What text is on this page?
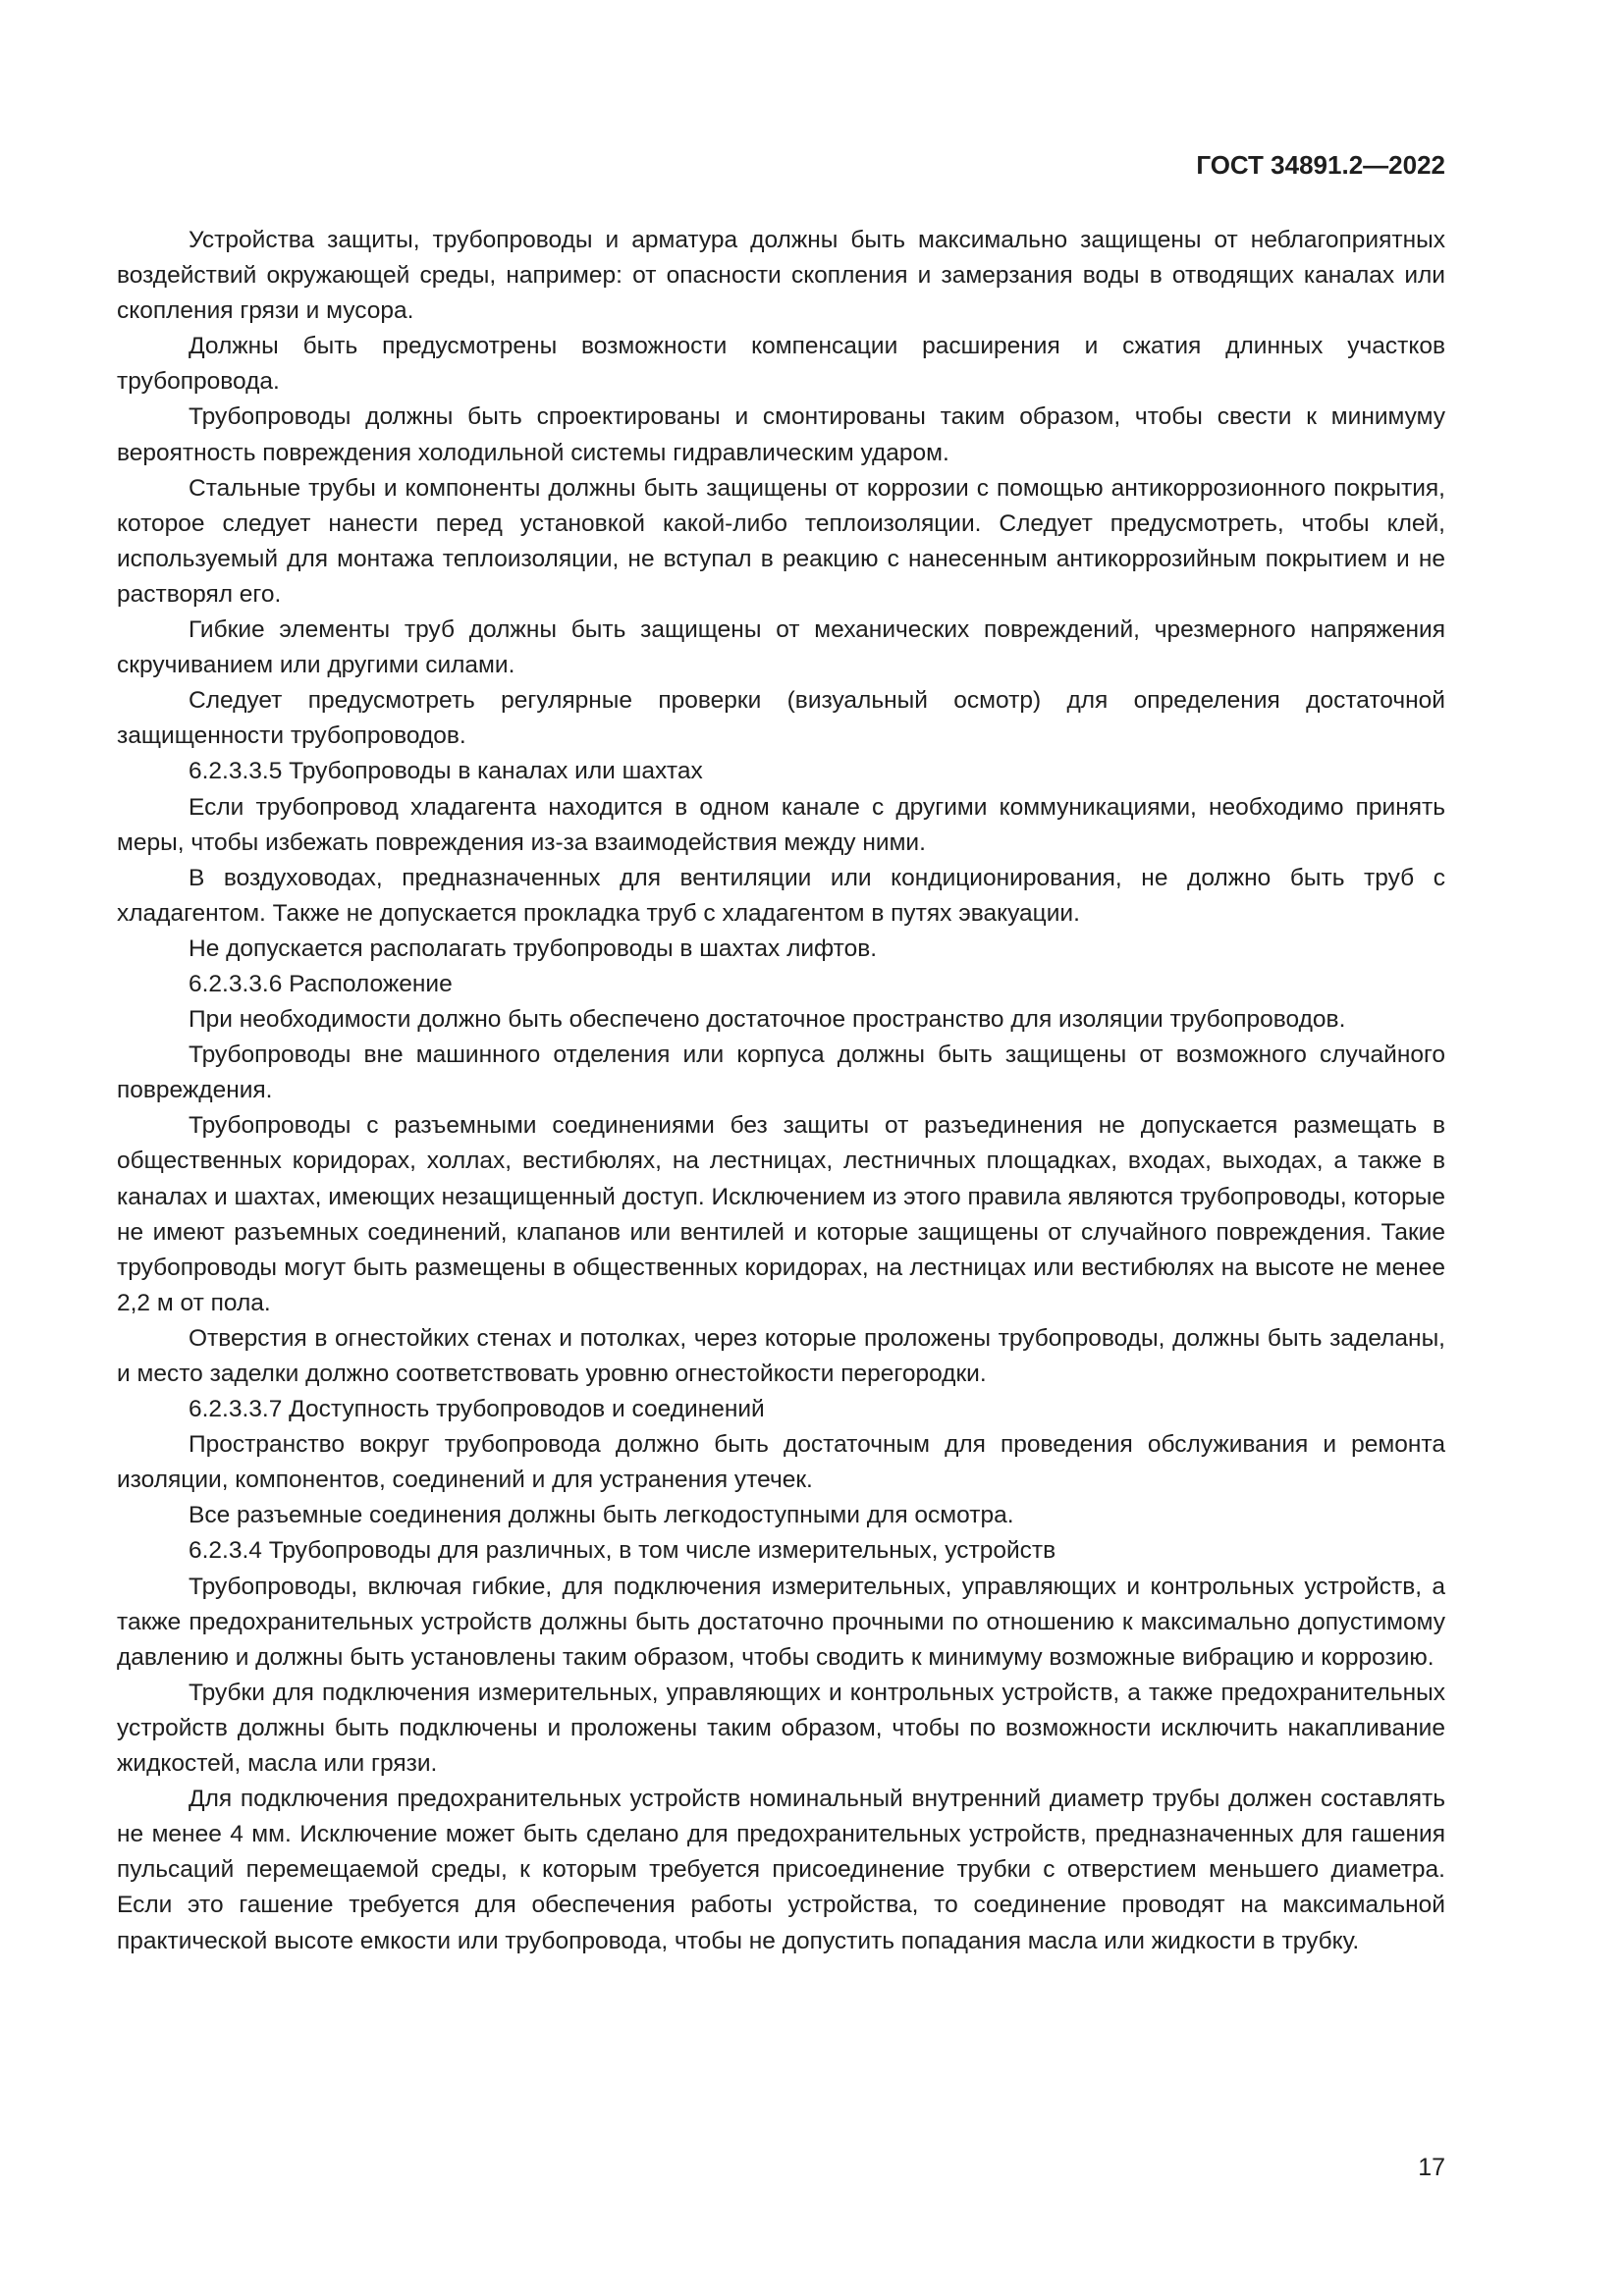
ГОСТ 34891.2—2022

Устройства защиты, трубопроводы и арматура должны быть максимально защищены от неблагоприятных воздействий окружающей среды, например: от опасности скопления и замерзания воды в отводящих каналах или скопления грязи и мусора.

Должны быть предусмотрены возможности компенсации расширения и сжатия длинных участков трубопровода.

Трубопроводы должны быть спроектированы и смонтированы таким образом, чтобы свести к минимуму вероятность повреждения холодильной системы гидравлическим ударом.

Стальные трубы и компоненты должны быть защищены от коррозии с помощью антикоррозионного покрытия, которое следует нанести перед установкой какой-либо теплоизоляции. Следует предусмотреть, чтобы клей, используемый для монтажа теплоизоляции, не вступал в реакцию с нанесенным антикоррозийным покрытием и не растворял его.

Гибкие элементы труб должны быть защищены от механических повреждений, чрезмерного напряжения скручиванием или другими силами.

Следует предусмотреть регулярные проверки (визуальный осмотр) для определения достаточной защищенности трубопроводов.

6.2.3.3.5 Трубопроводы в каналах или шахтах

Если трубопровод хладагента находится в одном канале с другими коммуникациями, необходимо принять меры, чтобы избежать повреждения из-за взаимодействия между ними.

В воздуховодах, предназначенных для вентиляции или кондиционирования, не должно быть труб с хладагентом. Также не допускается прокладка труб с хладагентом в путях эвакуации.

Не допускается располагать трубопроводы в шахтах лифтов.

6.2.3.3.6 Расположение

При необходимости должно быть обеспечено достаточное пространство для изоляции трубопроводов.

Трубопроводы вне машинного отделения или корпуса должны быть защищены от возможного случайного повреждения.

Трубопроводы с разъемными соединениями без защиты от разъединения не допускается размещать в общественных коридорах, холлах, вестибюлях, на лестницах, лестничных площадках, входах, выходах, а также в каналах и шахтах, имеющих незащищенный доступ. Исключением из этого правила являются трубопроводы, которые не имеют разъемных соединений, клапанов или вентилей и которые защищены от случайного повреждения. Такие трубопроводы могут быть размещены в общественных коридорах, на лестницах или вестибюлях на высоте не менее 2,2 м от пола.

Отверстия в огнестойких стенах и потолках, через которые проложены трубопроводы, должны быть заделаны, и место заделки должно соответствовать уровню огнестойкости перегородки.

6.2.3.3.7 Доступность трубопроводов и соединений

Пространство вокруг трубопровода должно быть достаточным для проведения обслуживания и ремонта изоляции, компонентов, соединений и для устранения утечек.

Все разъемные соединения должны быть легкодоступными для осмотра.

6.2.3.4 Трубопроводы для различных, в том числе измерительных, устройств

Трубопроводы, включая гибкие, для подключения измерительных, управляющих и контрольных устройств, а также предохранительных устройств должны быть достаточно прочными по отношению к максимально допустимому давлению и должны быть установлены таким образом, чтобы сводить к минимуму возможные вибрацию и коррозию.

Трубки для подключения измерительных, управляющих и контрольных устройств, а также предохранительных устройств должны быть подключены и проложены таким образом, чтобы по возможности исключить накапливание жидкостей, масла или грязи.

Для подключения предохранительных устройств номинальный внутренний диаметр трубы должен составлять не менее 4 мм. Исключение может быть сделано для предохранительных устройств, предназначенных для гашения пульсаций перемещаемой среды, к которым требуется присоединение трубки с отверстием меньшего диаметра. Если это гашение требуется для обеспечения работы устройства, то соединение проводят на максимальной практической высоте емкости или трубопровода, чтобы не допустить попадания масла или жидкости в трубку.

17
